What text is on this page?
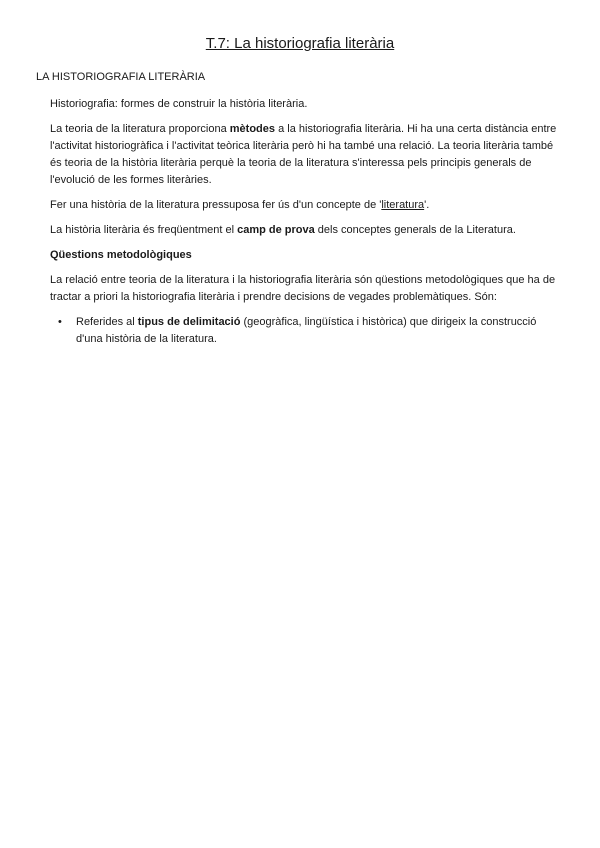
T.7: La historiografia literària
LA HISTORIOGRAFIA LITERÀRIA

Historiografia: formes de construir la història literària.

La teoria de la literatura proporciona mètodes a la historiografia literària. Hi ha una certa distància entre l'activitat historiogràfica i l'activitat teòrica literària però hi ha també una relació. La teoria literària també és teoria de la història literària perquè la teoria de la literatura s'interessa pels principis generals de l'evolució de les formes literàries.

Fer una història de la literatura pressuposa fer ús d'un concepte de 'literatura'.

La història literària és freqüentment el camp de prova dels conceptes generals de la Literatura.

Qüestions metodològiques

La relació entre teoria de la literatura i la historiografia literària són qüestions metodològiques que ha de tractar a priori la historiografia literària i prendre decisions de vegades problemàtiques. Són:

• Referides al tipus de delimitació (geogràfica, lingüística i històrica) que dirigeix la construcció d'una història de la literatura.
